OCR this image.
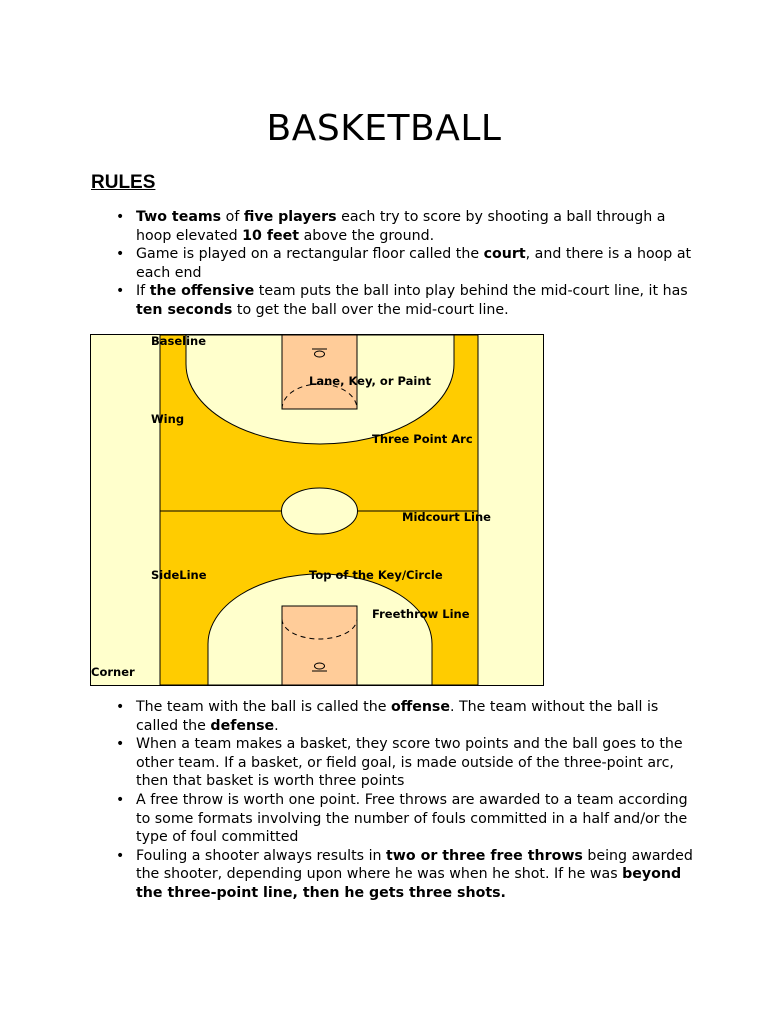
BASKETBALL
RULES
• Two teams of five players each try to score by shooting a ball through a hoop elevated 10 feet above the ground.
• Game is played on a rectangular floor called the court, and there is a hoop at each end
• If the offensive team puts the ball into play behind the mid-court line, it has ten seconds to get the ball over the mid-court line.
Baseline
Lane, Key, or Paint
Wing
Three Point Arc
Midcourt Line
SideLine	Top of the Key/Circle
Freethrow Line
Corner
• The team with the ball is called the offense. The team without the ball is called the defense.
• When a team makes a basket, they score two points and the ball goes to the other team. If a basket, or field goal, is made outside of the three-point arc, then that basket is worth three points
• A free throw is worth one point. Free throws are awarded to a team according to some formats involving the number of fouls committed in a half and/or the type of foul committed
• Fouling a shooter always results in two or three free throws being awarded the shooter, depending upon where he was when he shot. If he was beyond the three-point line, then he gets three shots.
